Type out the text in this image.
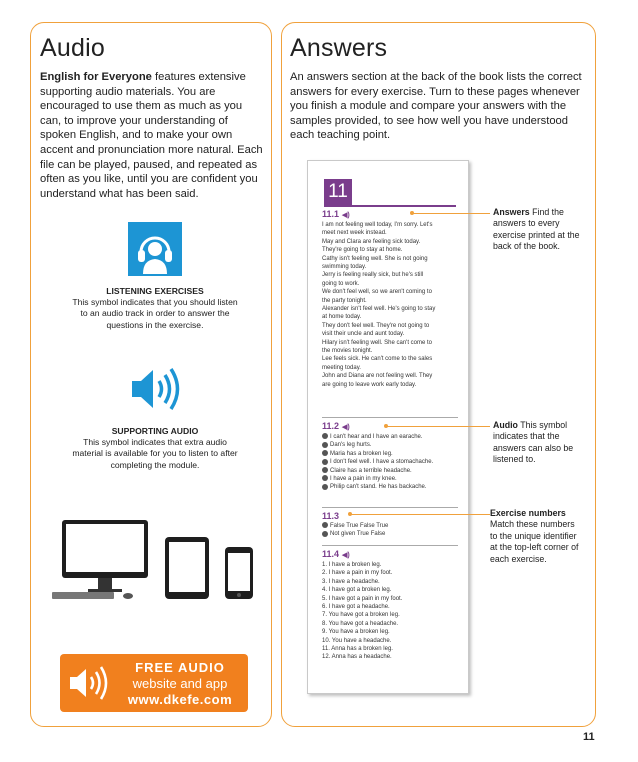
Audio
English for Everyone features extensive supporting audio materials. You are encouraged to use them as much as you can, to improve your understanding of spoken English, and to make your own accent and pronunciation more natural. Each file can be played, paused, and repeated as often as you like, until you are confident you understand what has been said.
LISTENING EXERCISES
This symbol indicates that you should listen to an audio track in order to answer the questions in the exercise.
SUPPORTING AUDIO
This symbol indicates that extra audio material is available for you to listen to after completing the module.
FREE AUDIO
website and app
www.dkefe.com
Answers
An answers section at the back of the book lists the correct answers for every exercise. Turn to these pages whenever you finish a module and compare your answers with the samples provided, to see how well you have understood each teaching point.
11
11.1 ◀)
I am not feeling well today, I'm sorry. Let's
meet next week instead.
May and Clara are feeling sick today.
They're going to stay at home.
Cathy isn't feeling well. She is not going
swimming today.
Jerry is feeling really sick, but he's still
going to work.
We don't feel well, so we aren't coming to
the party tonight.
Alexander isn't feel well. He's going to stay
at home today.
They don't feel well. They're not going to
visit their uncle and aunt today.
Hilary isn't feeling well. She can't come to
the movies tonight.
Lee feels sick. He can't come to the sales
meeting today.
John and Diana are not feeling well. They
are going to leave work early today.
11.2 ◀)
I can't hear and I have an earache.
Dan's leg hurts.
Maria has a broken leg.
I don't feel well. I have a stomachache.
Claire has a terrible headache.
I have a pain in my knee.
Philip can't stand. He has backache.
11.3
False True False True
Not given True False
11.4 ◀)
1. I have a broken leg.
2. I have a pain in my foot.
3. I have a headache.
4. I have got a broken leg.
5. I have got a pain in my foot.
6. I have got a headache.
7. You have got a broken leg.
8. You have got a headache.
9. You have a broken leg.
10. You have a headache.
11. Anna has a broken leg.
12. Anna has a headache.
Answers Find the answers to every exercise printed at the back of the book.
Audio This symbol indicates that the answers can also be listened to.
Exercise numbers
Match these numbers to the unique identifier at the top-left corner of each exercise.
11
